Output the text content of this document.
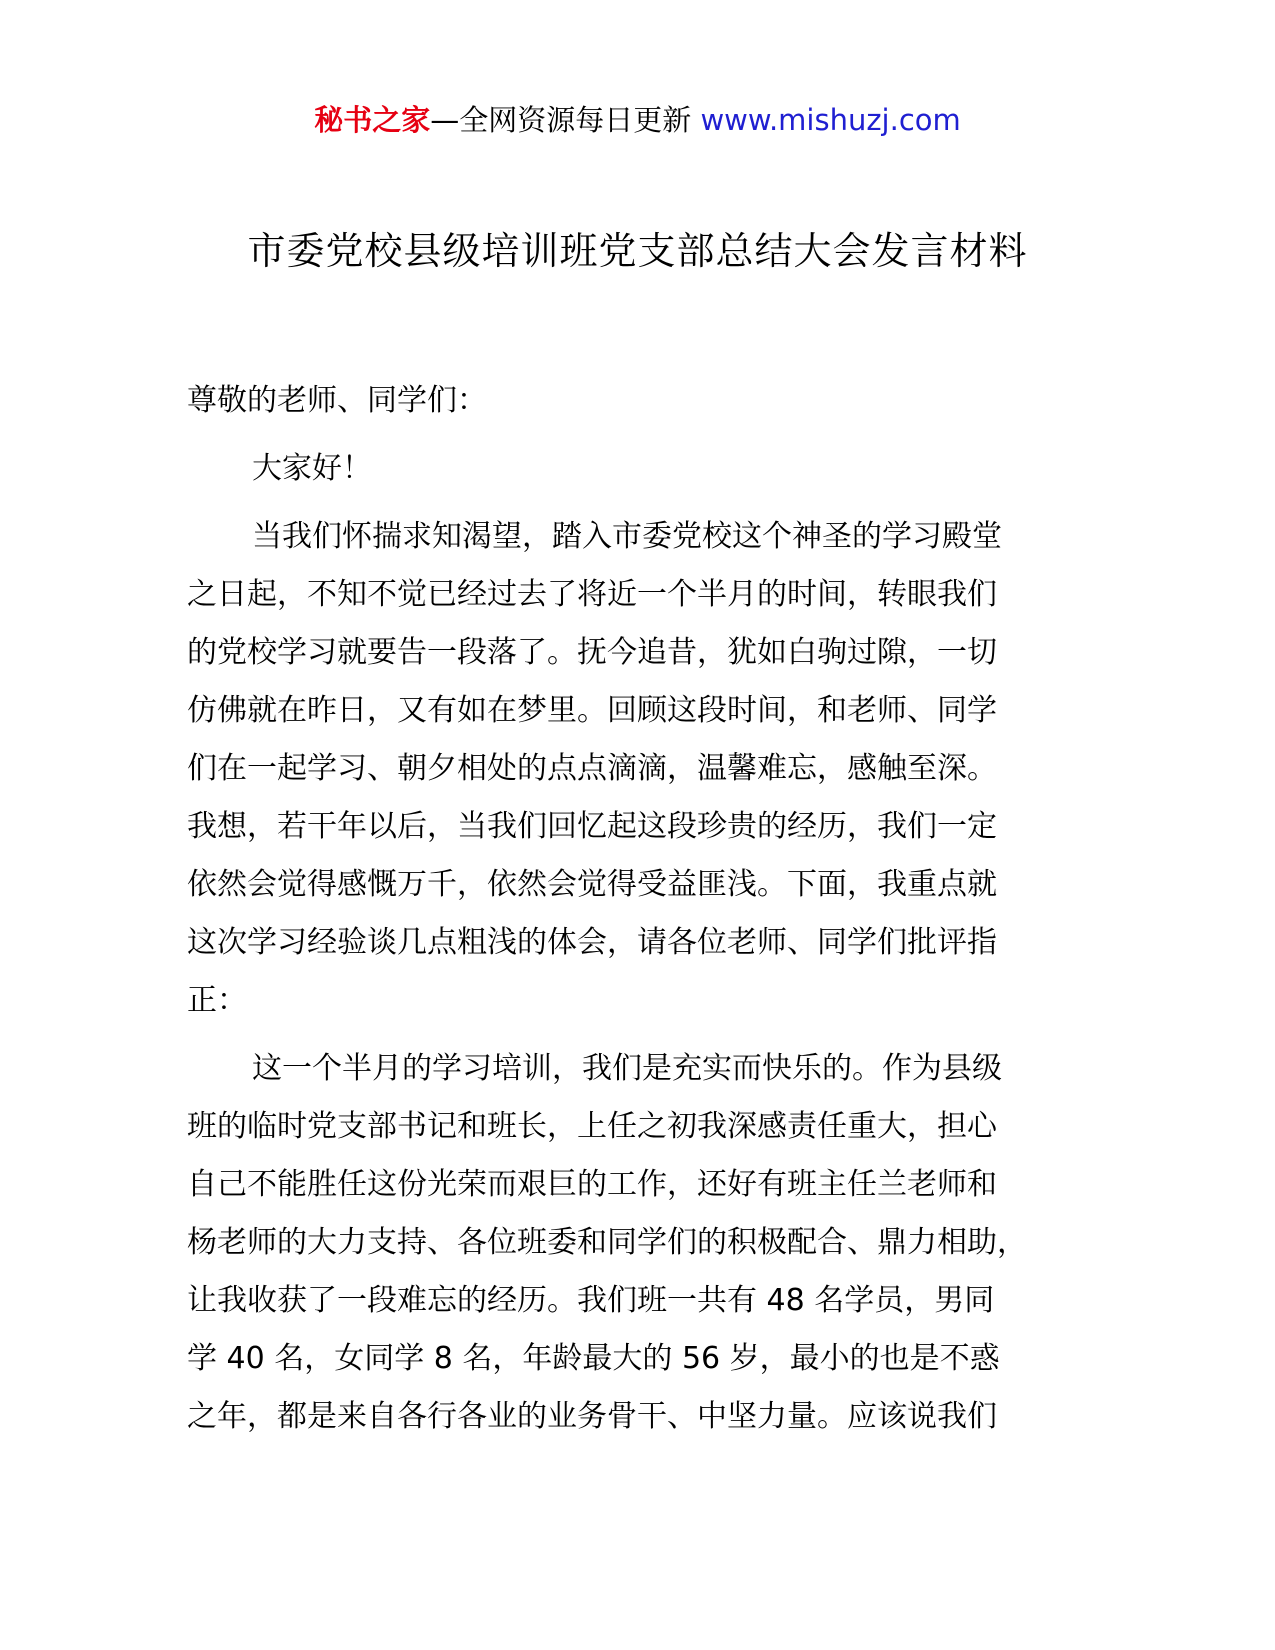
秘书之家—全网资源每日更新 www.mishuzj.com
市委党校县级培训班党支部总结大会发言材料
尊敬的老师、同学们：
大家好！
当我们怀揣求知渴望，踏入市委党校这个神圣的学习殿堂
之日起，不知不觉已经过去了将近一个半月的时间，转眼我们
的党校学习就要告一段落了。抚今追昔，犹如白驹过隙，一切
仿佛就在昨日，又有如在梦里。回顾这段时间，和老师、同学
们在一起学习、朝夕相处的点点滴滴，温馨难忘，感触至深。
我想，若干年以后，当我们回忆起这段珍贵的经历，我们一定
依然会觉得感慨万千，依然会觉得受益匪浅。下面，我重点就
这次学习经验谈几点粗浅的体会，请各位老师、同学们批评指
正：
这一个半月的学习培训，我们是充实而快乐的。作为县级
班的临时党支部书记和班长，上任之初我深感责任重大，担心
自己不能胜任这份光荣而艰巨的工作，还好有班主任兰老师和
杨老师的大力支持、各位班委和同学们的积极配合、鼎力相助，
让我收获了一段难忘的经历。我们班一共有 48 名学员，男同
学 40 名，女同学 8 名，年龄最大的 56 岁，最小的也是不惑
之年，都是来自各行各业的业务骨干、中坚力量。应该说我们
